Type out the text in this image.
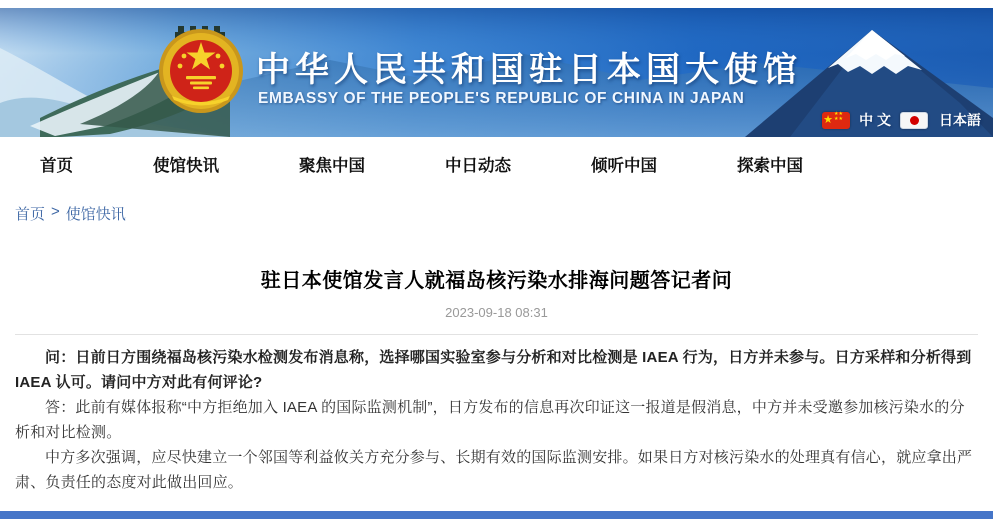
中华人民共和国驻日本国大使馆
EMBASSY OF THE PEOPLE'S REPUBLIC OF CHINA IN JAPAN
★ ★★
★★ 中 文	日本語
首页	使馆快讯	聚焦中国	中日动态	倾听中国	探索中国
首页 > 使馆快讯
驻日本使馆发言人就福岛核污染水排海问题答记者问
2023-09-18 08:31

问：日前日方围绕福岛核污染水检测发布消息称，选择哪国实验室参与分析和对比检测是 IAEA 行为，日方并未参与。日方采样和分析得到 IAEA 认可。请问中方对此有何评论?

答：此前有媒体报称“中方拒绝加入 IAEA 的国际监测机制”，日方发布的信息再次印证这一报道是假消息，中方并未受邀参加核污染水的分析和对比检测。

中方多次强调，应尽快建立一个邻国等利益攸关方充分参与、长期有效的国际监测安排。如果日方对核污染水的处理真有信心，就应拿出严肃、负责任的态度对此做出回应。
